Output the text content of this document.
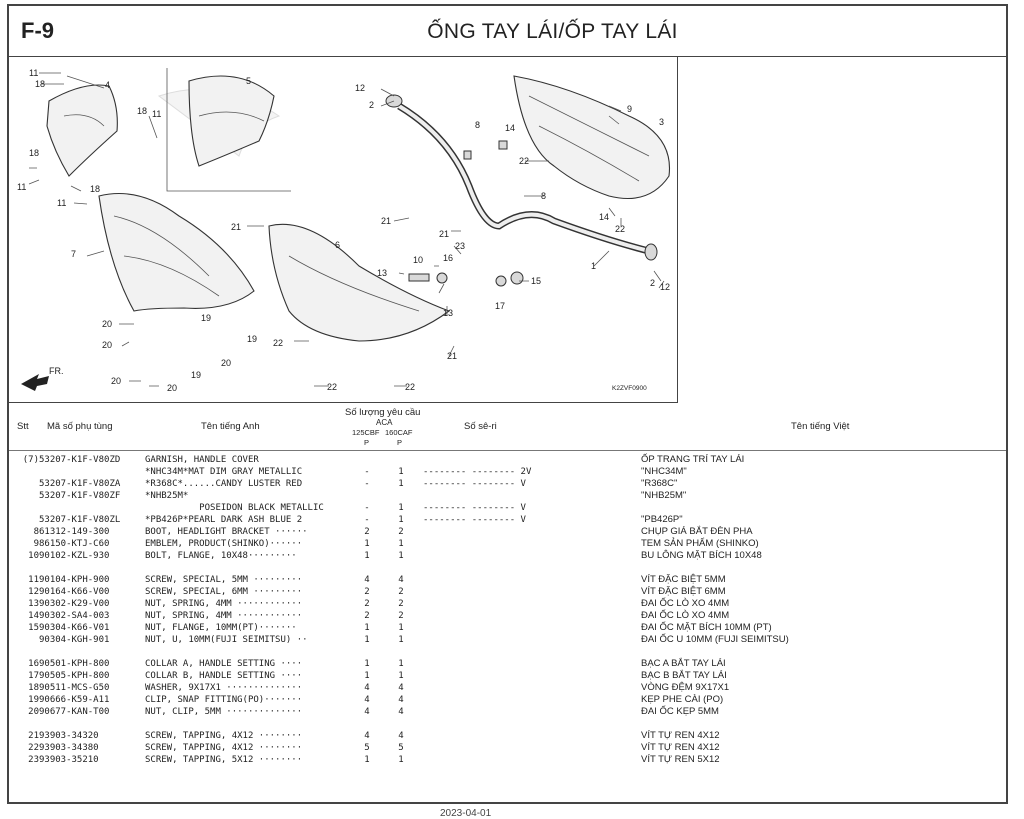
F-9	ỐNG TAY LÁI/ỐP TAY LÁI
FR.
K2ZVF0900
11
18	4	5
18 11
18
11
11
18
7
20
19
20
20
19
20
20
19
12
2
21
6
21
22
22	22
8	14
22
9
3
8
14
22
21
23
16
10
13
13
17
15
1
2 12
21
Stt Mã số phụ tùng	Tên tiếng Anh
Số lượng yêu cầu
ACA
125CBF 160CAF
P	P
Số sê-ri	Tên tiếng Việt
(7) 53207-K1F-V80ZD	GARNISH, HANDLE COVER	ỐP TRANG TRÍ TAY LÁI
*NHC34M*MAT DIM GRAY METALLIC	-	1	-------- -------- 2V	"NHC34M"
53207-K1F-V80ZA	*R368C*......CANDY LUSTER RED	-	1	-------- -------- V	"R368C"
53207-K1F-V80ZF	*NHB25M*	"NHB25M"
POSEIDON BLACK METALLIC	-	1	-------- -------- V
53207-K1F-V80ZL	*PB426P*PEARL DARK ASH BLUE 2	-	1	-------- -------- V	"PB426P"
8 61312-149-300	BOOT, HEADLIGHT BRACKET ······	2	2	CHỤP GIÁ BẮT ĐÈN PHA
9 86150-KTJ-C60	EMBLEM, PRODUCT(SHINKO)······	1	1	TEM SẢN PHẨM (SHINKO)
10 90102-KZL-930	BOLT, FLANGE, 10X48·········	1	1	BU LÔNG MẶT BÍCH 10X48
11 90104-KPH-900	SCREW, SPECIAL, 5MM ·········	4	4	VÍT ĐẶC BIỆT 5MM
12 90164-K66-V00	SCREW, SPECIAL, 6MM ·········	2	2	VÍT ĐẶC BIỆT 6MM
13 90302-K29-V00	NUT, SPRING, 4MM ············	2	2	ĐAI ỐC LÒ XO 4MM
14 90302-SA4-003	NUT, SPRING, 4MM ············	2	2	ĐAI ỐC LÒ XO 4MM
15 90304-K66-V01	NUT, FLANGE, 10MM(PT)·······	1	1	ĐAI ỐC MẶT BÍCH 10MM (PT)
90304-KGH-901	NUT, U, 10MM(FUJI SEIMITSU) ··	1	1	ĐAI ỐC U 10MM (FUJI SEIMITSU)
16 90501-KPH-800	COLLAR A, HANDLE SETTING ····	1	1	BẠC A BẮT TAY LÁI
17 90505-KPH-800	COLLAR B, HANDLE SETTING ····	1	1	BẠC B BẮT TAY LÁI
18 90511-MCS-G50	WASHER, 9X17X1 ··············	4	4	VÒNG ĐỆM 9X17X1
19 90666-K59-A11	CLIP, SNAP FITTING(PO)·······	4	4	KẸP PHE CÀI (PO)
20 90677-KAN-T00	NUT, CLIP, 5MM ··············	4	4	ĐAI ỐC KẸP 5MM
21 93903-34320	SCREW, TAPPING, 4X12 ········	4	4	VÍT TỰ REN 4X12
22 93903-34380	SCREW, TAPPING, 4X12 ········	5	5	VÍT TỰ REN 4X12
23 93903-35210	SCREW, TAPPING, 5X12 ········	1	1	VÍT TỰ REN 5X12
2023-04-01
